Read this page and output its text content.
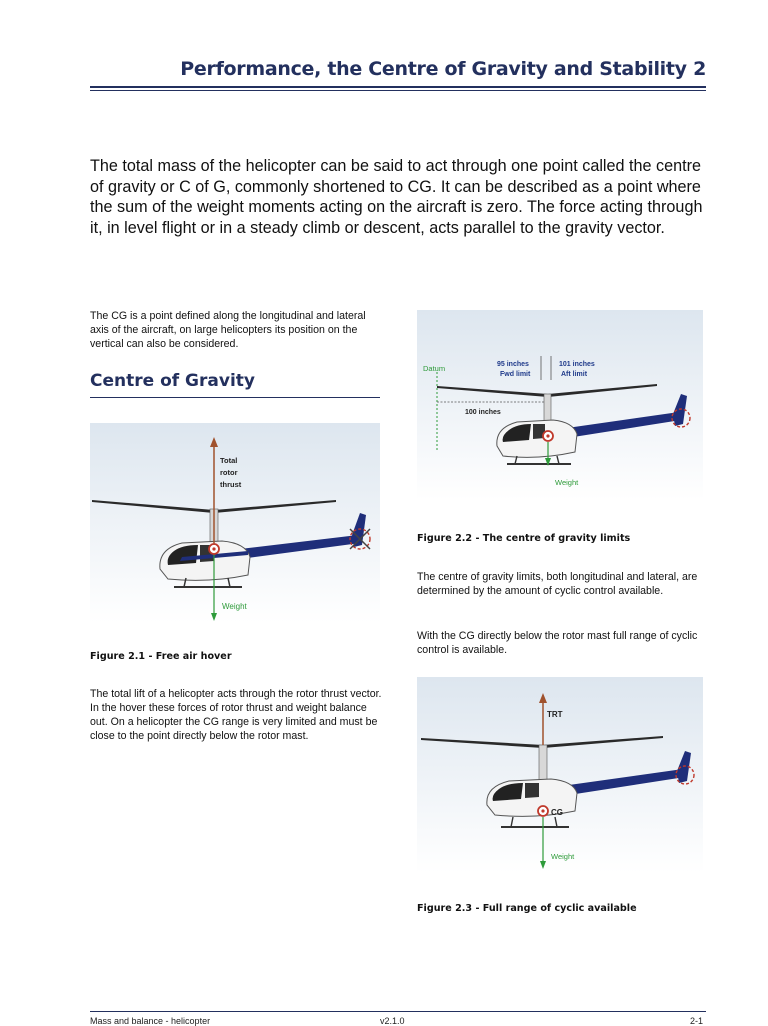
Performance, the Centre of Gravity and Stability 2
The total mass of the helicopter can be said to act through one point called the centre of gravity or C of G, commonly shortened to CG. It can be described as a point where the sum of the weight moments acting on the aircraft is zero. The force acting through it, in level flight or in a steady climb or descent, acts parallel to the gravity vector.
The CG is a point defined along the longitudinal and lateral axis of the aircraft, on large helicopters its position on the vertical can also be considered.
Centre of Gravity
Total
rotor
thrust
Weight
Figure 2.1 - Free air hover
The total lift of a helicopter acts through the rotor thrust vector. In the hover these forces of rotor thrust and weight balance out. On a helicopter the CG range is very limited and must be close to the point directly below the rotor mast.
Datum	95 inches
Fwd limit
101 inches
Aft limit
100 inches
Weight
Figure 2.2 - The centre of gravity limits
The centre of gravity limits, both longitudinal and lateral, are determined by the amount of cyclic control available.
With the CG directly below the rotor mast full range of cyclic control is available.
TRT
CG
Weight
Figure 2.3 - Full range of cyclic available
Mass and balance - helicopter	v2.1.0	2-1
